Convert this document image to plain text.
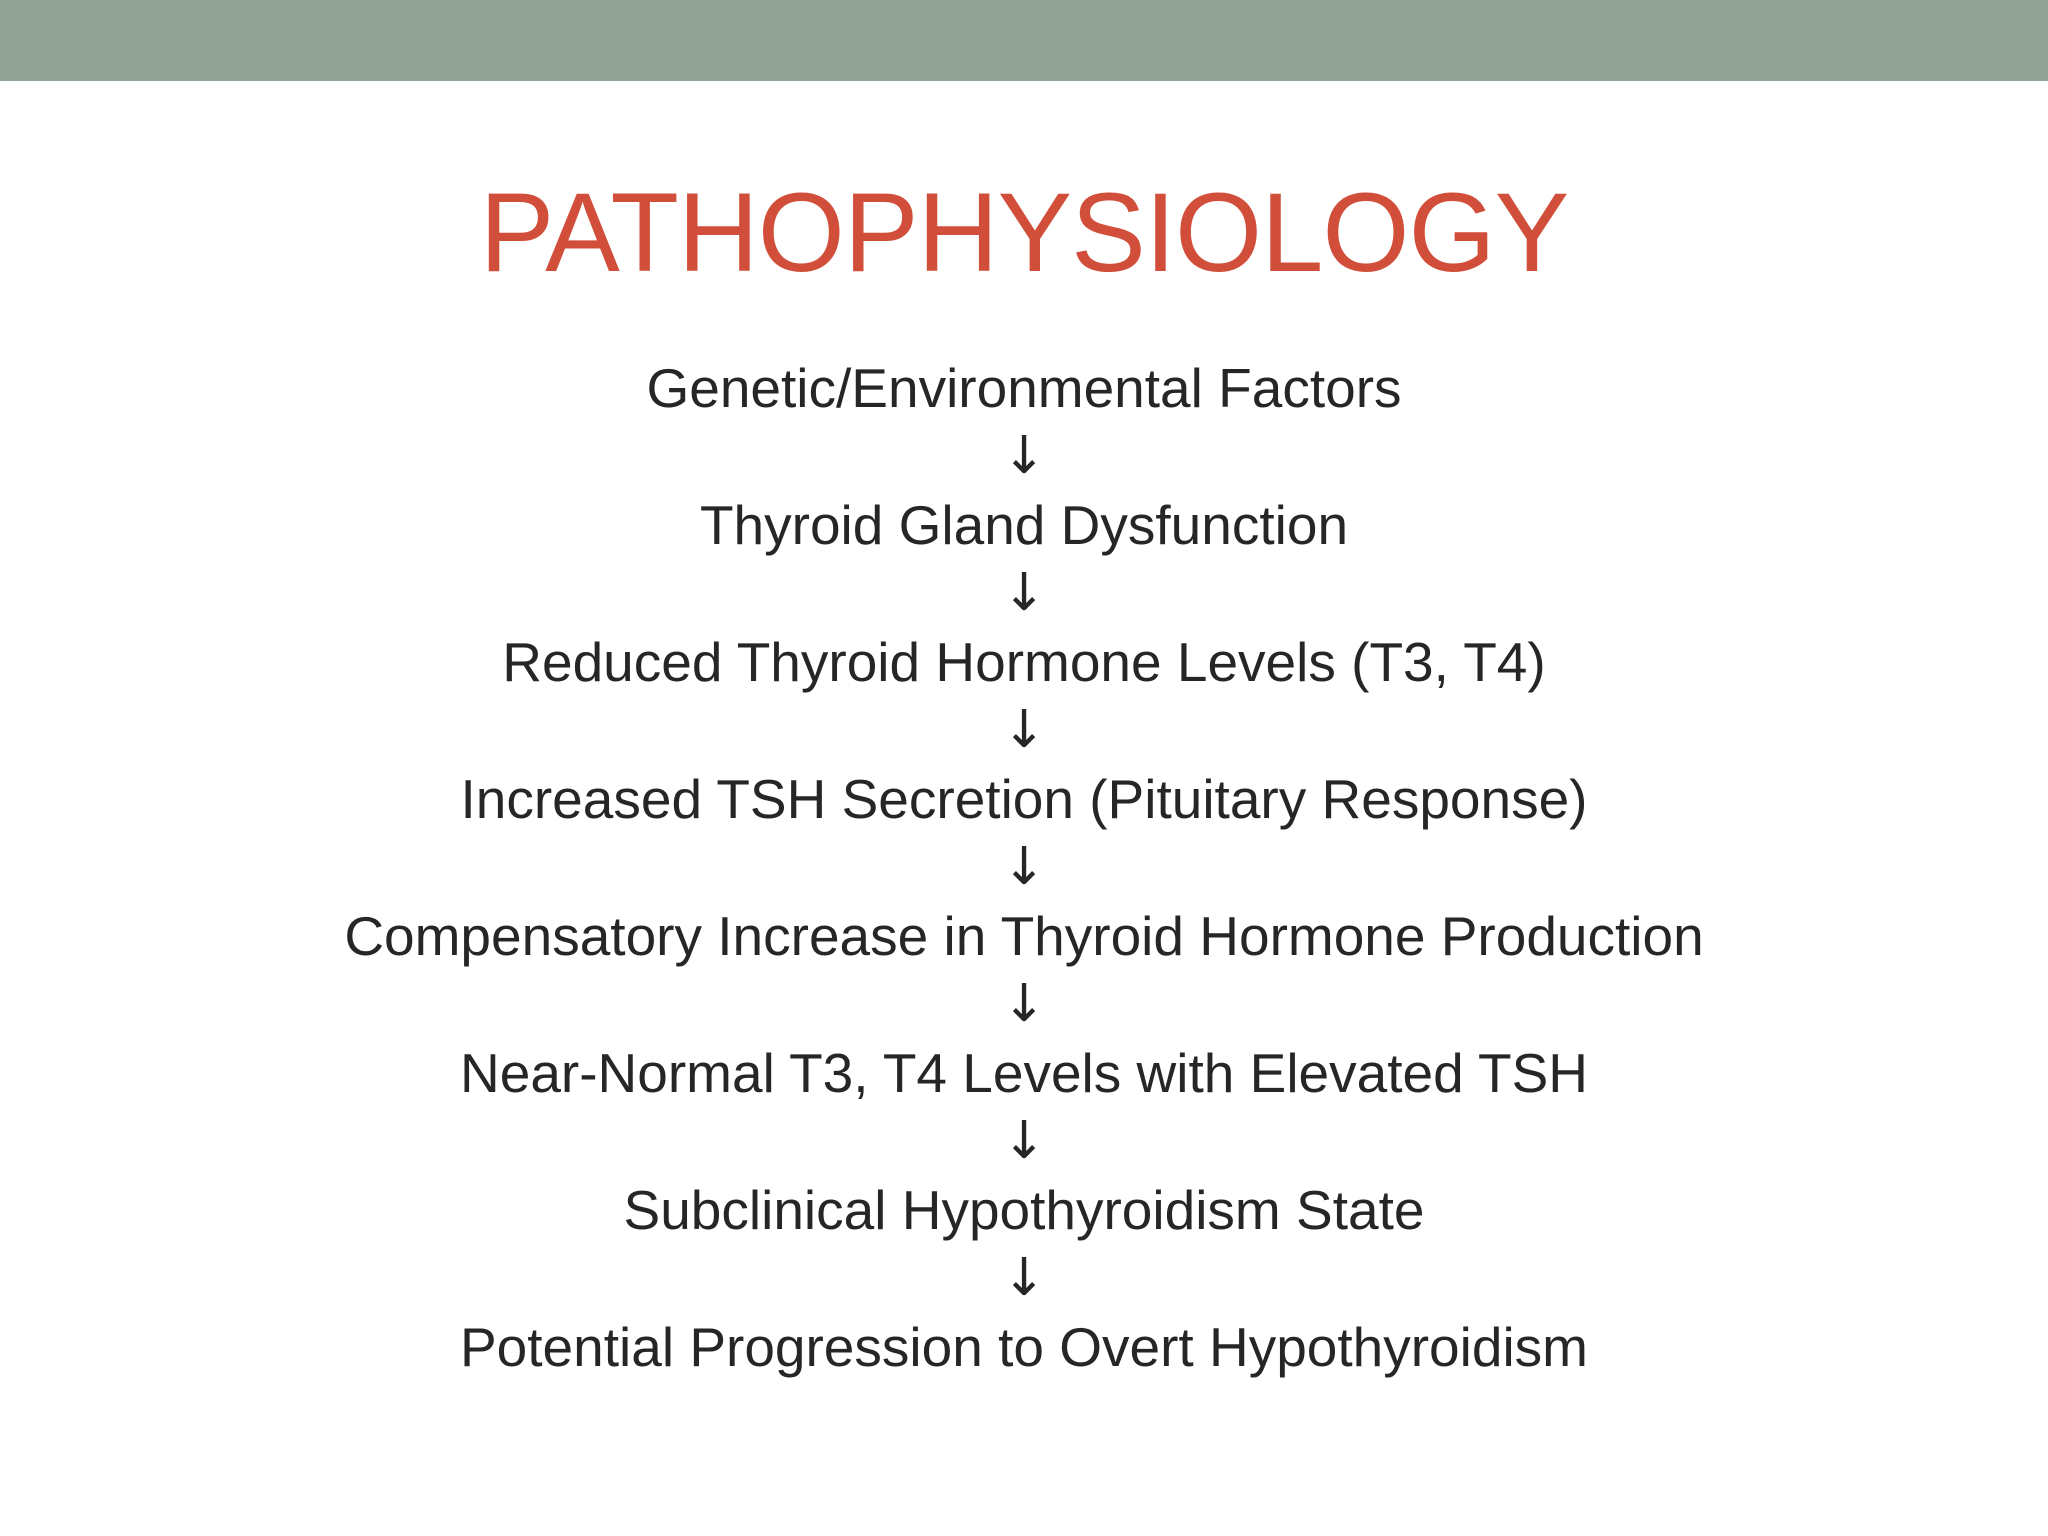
PATHOPHYSIOLOGY
Genetic/Environmental Factors
↓
Thyroid Gland Dysfunction
↓
Reduced Thyroid Hormone Levels (T3, T4)
↓
Increased TSH Secretion (Pituitary Response)
↓
Compensatory Increase in Thyroid Hormone Production
↓
Near-Normal T3, T4 Levels with Elevated TSH
↓
Subclinical Hypothyroidism State
↓
Potential Progression to Overt Hypothyroidism
